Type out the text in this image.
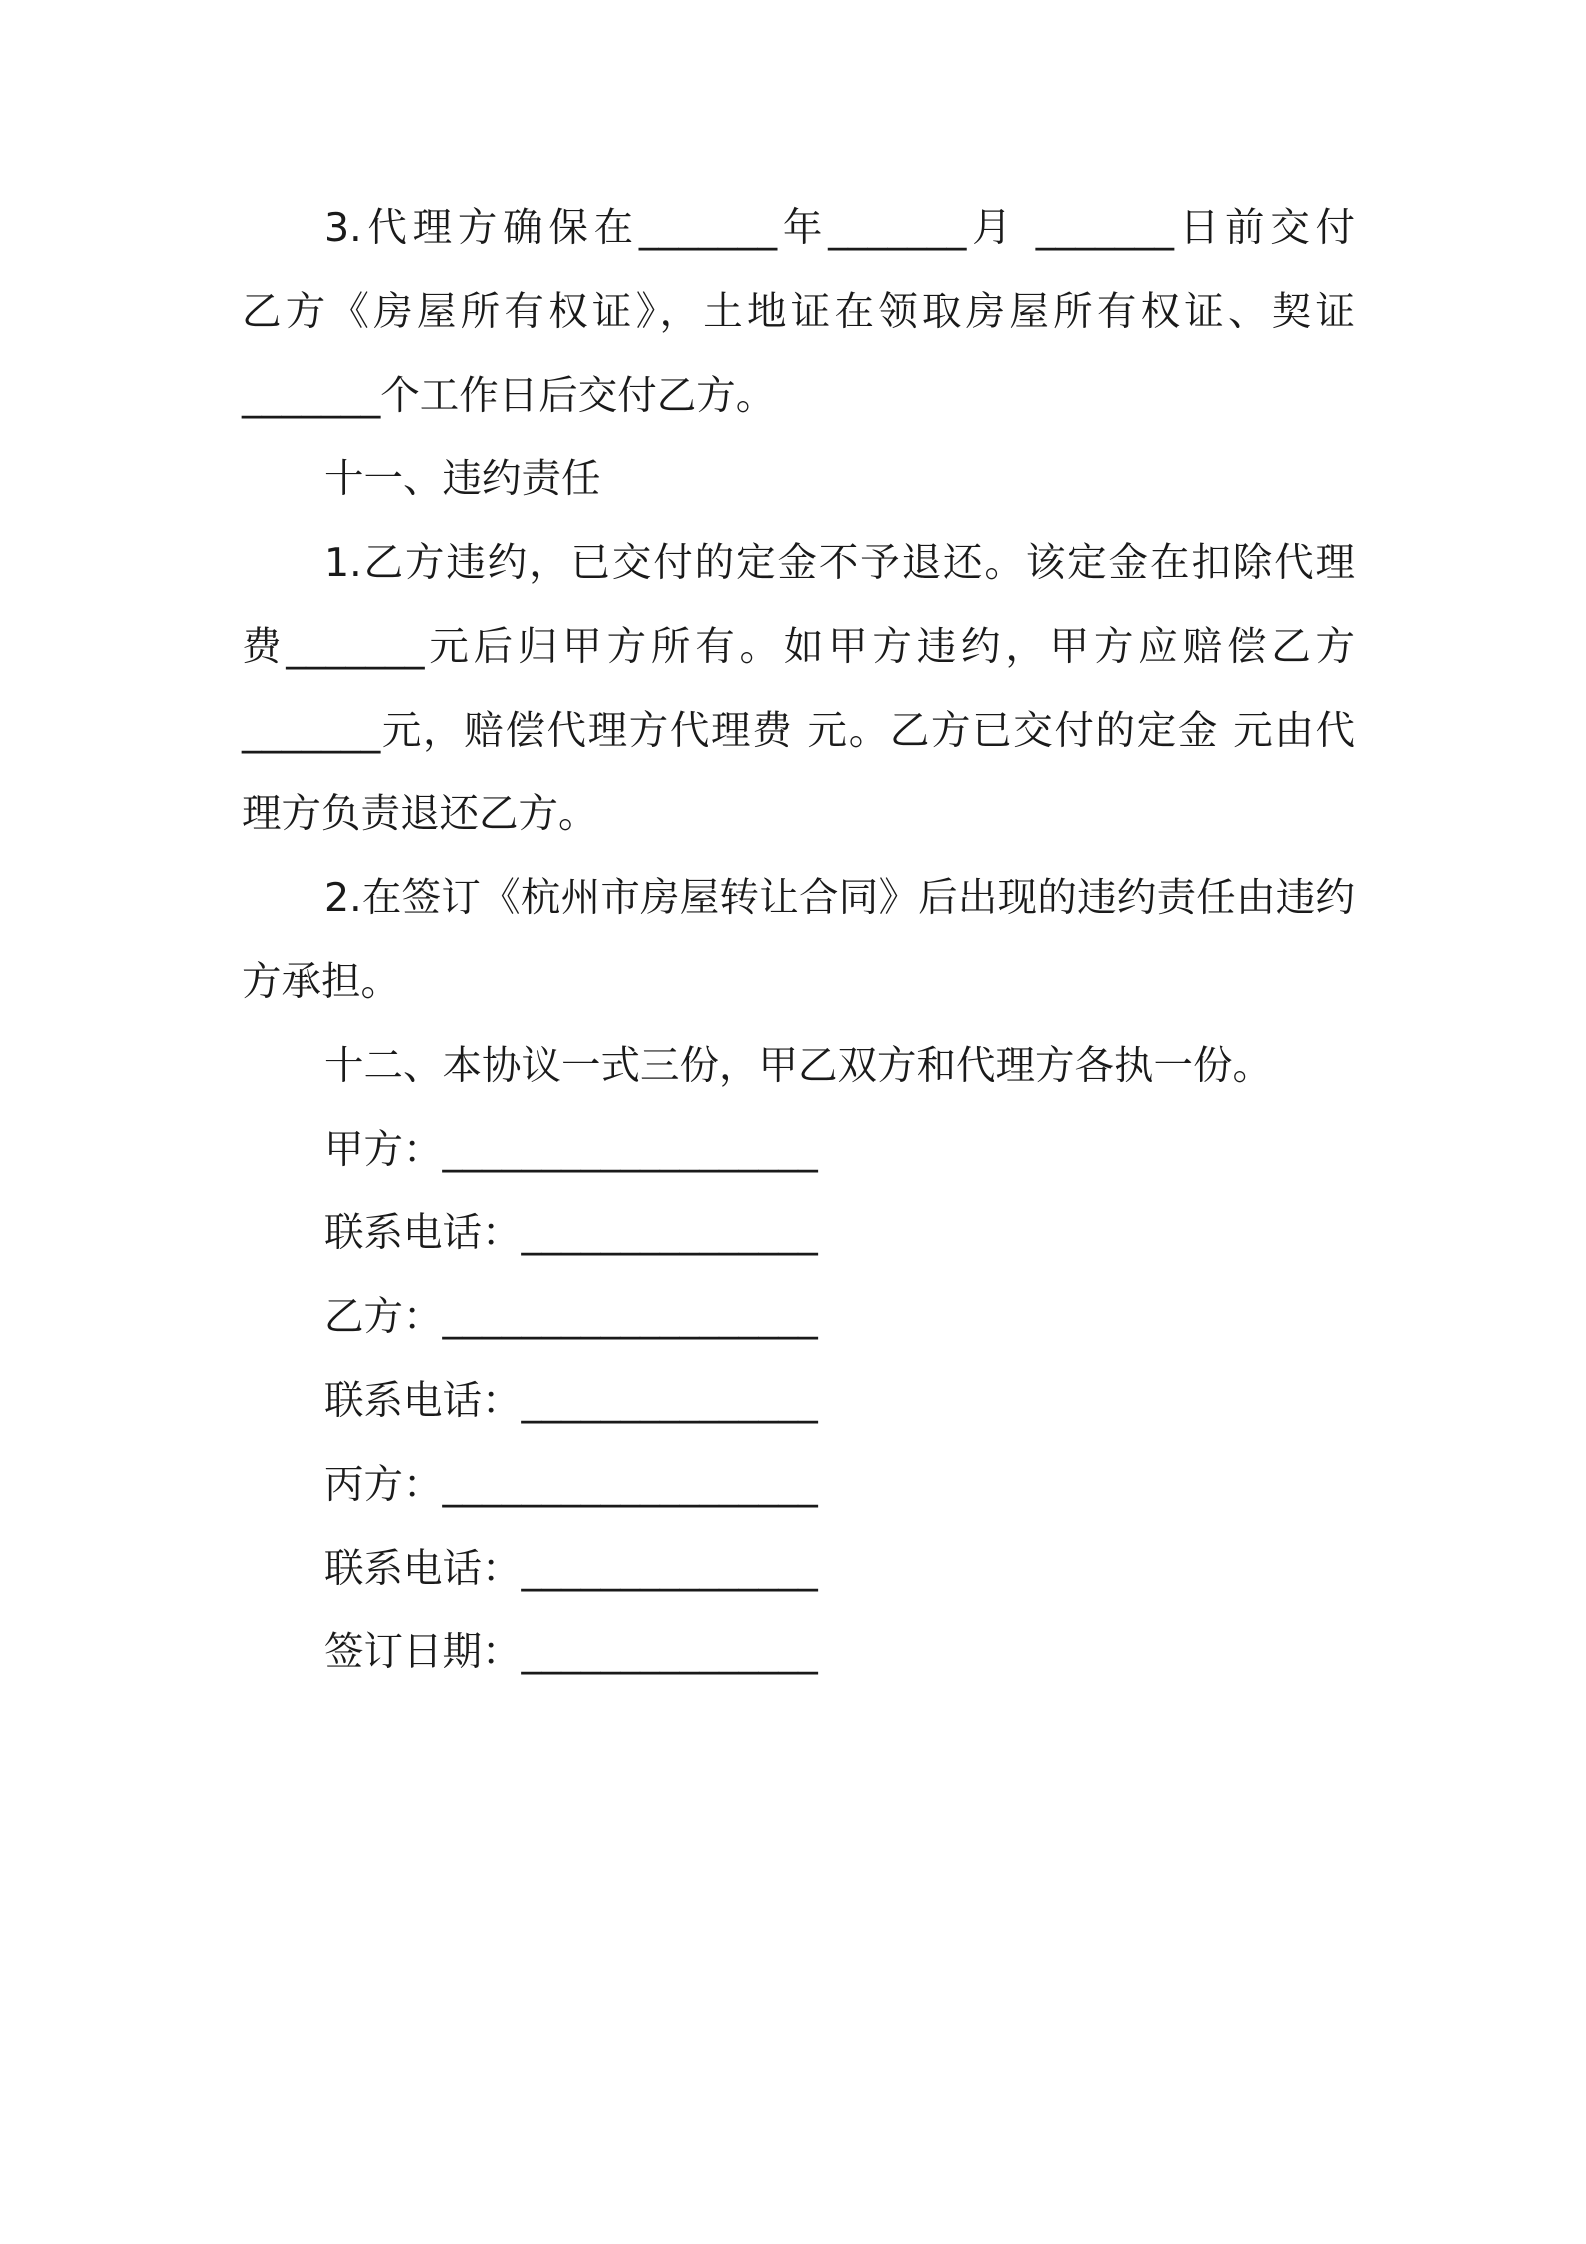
3.代理方确保在_______年_______月 _______日前交付
乙方《房屋所有权证》，土地证在领取房屋所有权证、契证
_______个工作日后交付乙方。
十一、违约责任
1.乙方违约，已交付的定金不予退还。该定金在扣除代理
费_______元后归甲方所有。如甲方违约，甲方应赔偿乙方
_______元，赔偿代理方代理费 元。乙方已交付的定金 元由代
理方负责退还乙方。
2.在签订《杭州市房屋转让合同》后出现的违约责任由违约
方承担。
十二、本协议一式三份，甲乙双方和代理方各执一份。
甲方：___________________
联系电话：_______________
乙方：___________________
联系电话：_______________
丙方：___________________
联系电话：_______________
签订日期：_______________
